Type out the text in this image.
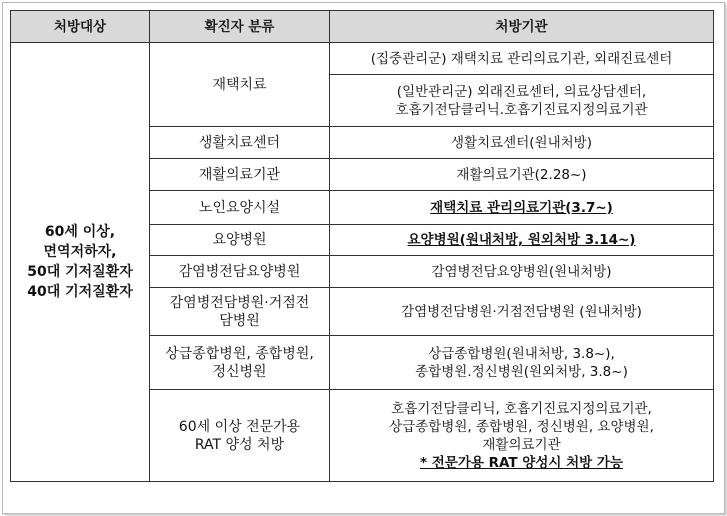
처방대상	확진자 분류	처방기관

60세 이상,
면역저하자,
50대 기저질환자
40대 기저질환자	재택치료	(집중관리군) 재택치료 관리의료기관, 외래진료센터

		(일반관리군) 외래진료센터, 의료상담센터,
호흡기전담클리닉.호흡기진료지정의료기관

	생활치료센터	생활치료센터(원내처방)
	재활의료기관	재활의료기관(2.28~)
	노인요양시설	재택치료 관리의료기관(3.7~)
	요양병원	요양병원(원내처방, 원외처방 3.14~)
	감염병전담요양병원	감염병전담요양병원(원내처방)

	감염병전담병원·거점전
담병원	감염병전담병원·거점전담병원 (원내처방)

	상급종합병원, 종합병원,
정신병원	상급종합병원(원내처방, 3.8~),
종합병원.정신병원(원외처방, 3.8~)

	60세 이상 전문가용
RAT 양성 처방	호흡기전담클리닉, 호흡기진료지정의료기관,
상급종합병원, 종합병원, 정신병원, 요양병원,
재활의료기관
* 전문가용 RAT 양성시 처방 가능
